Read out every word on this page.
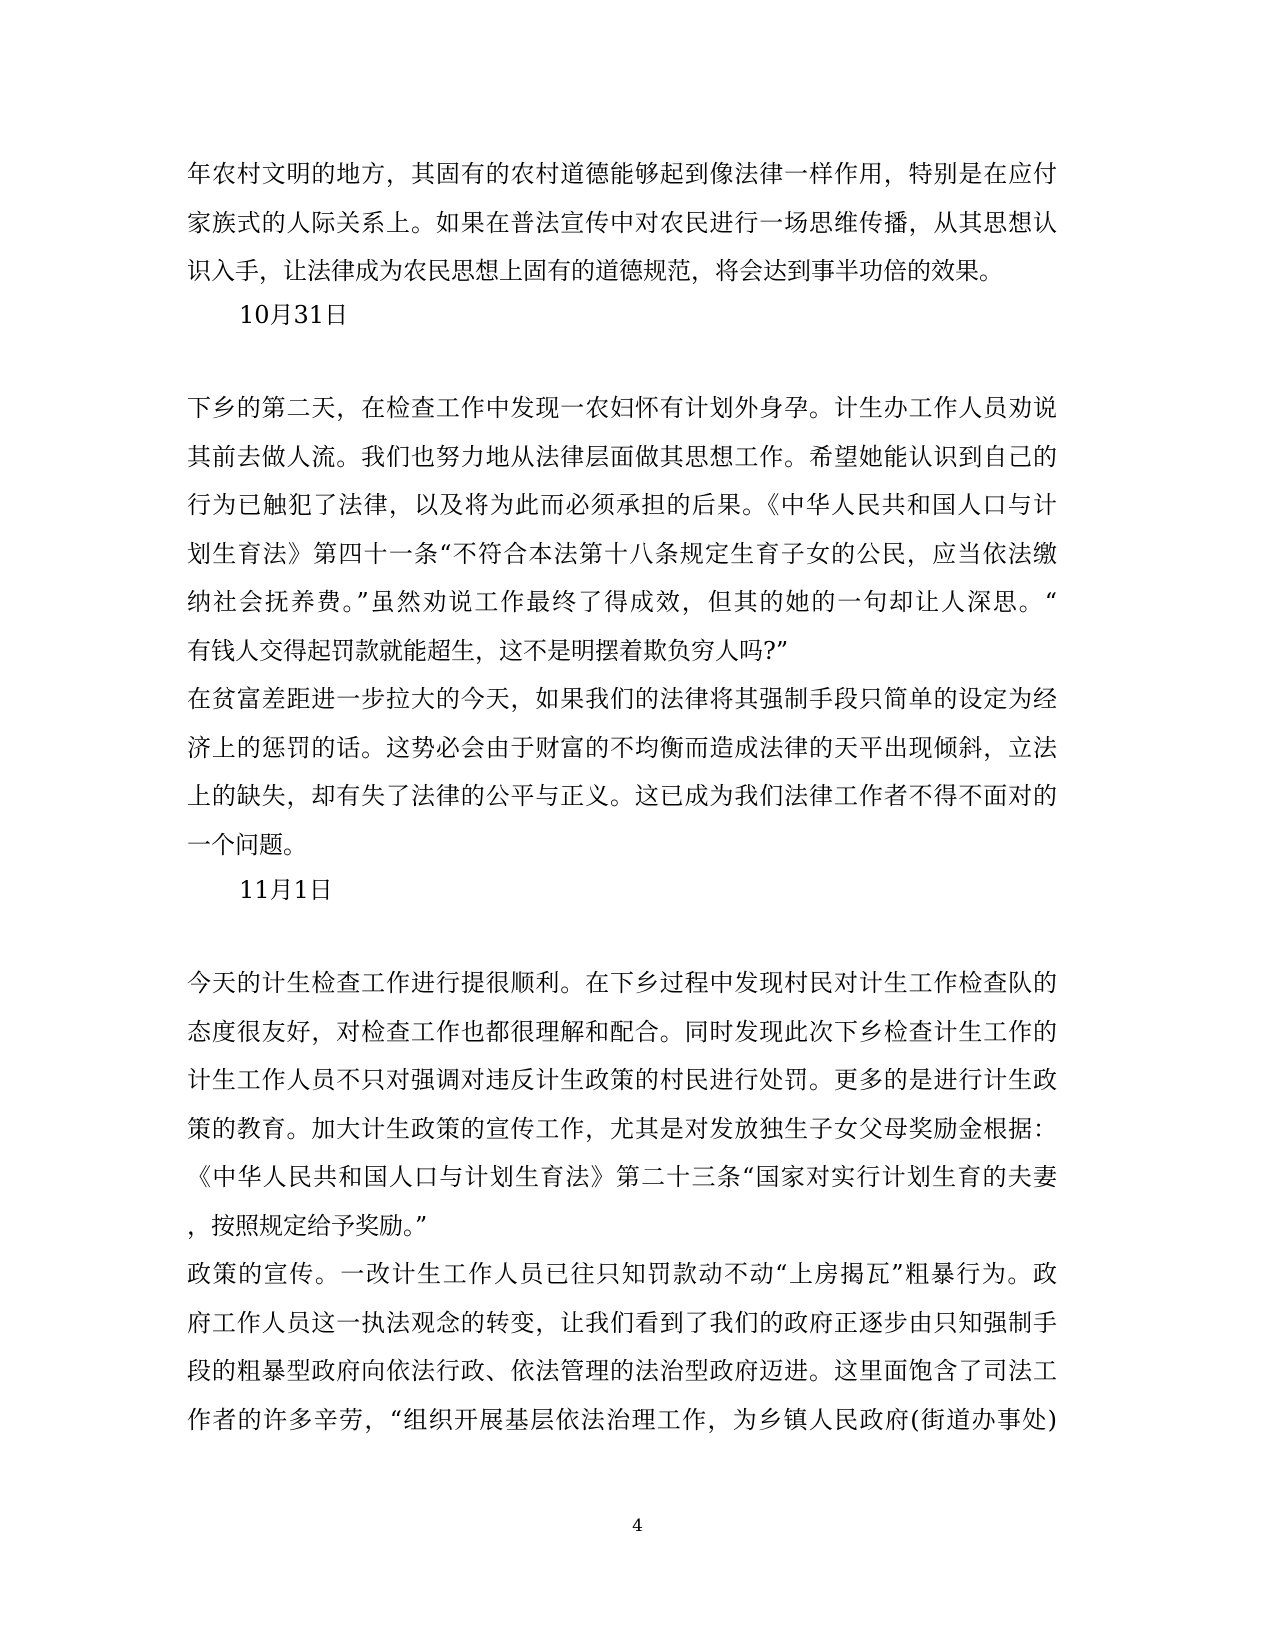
年农村文明的地方，其固有的农村道德能够起到像法律一样作用，特别是在应付
家族式的人际关系上。如果在普法宣传中对农民进行一场思维传播，从其思想认
识入手，让法律成为农民思想上固有的道德规范，将会达到事半功倍的效果。
10月31日
下乡的第二天，在检查工作中发现一农妇怀有计划外身孕。计生办工作人员劝说
其前去做人流。我们也努力地从法律层面做其思想工作。希望她能认识到自己的
行为已触犯了法律，以及将为此而必须承担的后果。《中华人民共和国人口与计
划生育法》第四十一条“不符合本法第十八条规定生育子女的公民，应当依法缴
纳社会抚养费。”虽然劝说工作最终了得成效，但其的她的一句却让人深思。“
有钱人交得起罚款就能超生，这不是明摆着欺负穷人吗?”
在贫富差距进一步拉大的今天，如果我们的法律将其强制手段只简单的设定为经
济上的惩罚的话。这势必会由于财富的不均衡而造成法律的天平出现倾斜，立法
上的缺失，却有失了法律的公平与正义。这已成为我们法律工作者不得不面对的
一个问题。
11月1日
今天的计生检查工作进行提很顺利。在下乡过程中发现村民对计生工作检查队的
态度很友好，对检查工作也都很理解和配合。同时发现此次下乡检查计生工作的
计生工作人员不只对强调对违反计生政策的村民进行处罚。更多的是进行计生政
策的教育。加大计生政策的宣传工作，尤其是对发放独生子女父母奖励金根据：
《中华人民共和国人口与计划生育法》第二十三条“国家对实行计划生育的夫妻
，按照规定给予奖励。”
政策的宣传。一改计生工作人员已往只知罚款动不动“上房揭瓦”粗暴行为。政
府工作人员这一执法观念的转变，让我们看到了我们的政府正逐步由只知强制手
段的粗暴型政府向依法行政、依法管理的法治型政府迈进。这里面饱含了司法工
作者的许多辛劳，“组织开展基层依法治理工作，为乡镇人民政府(街道办事处)
4
